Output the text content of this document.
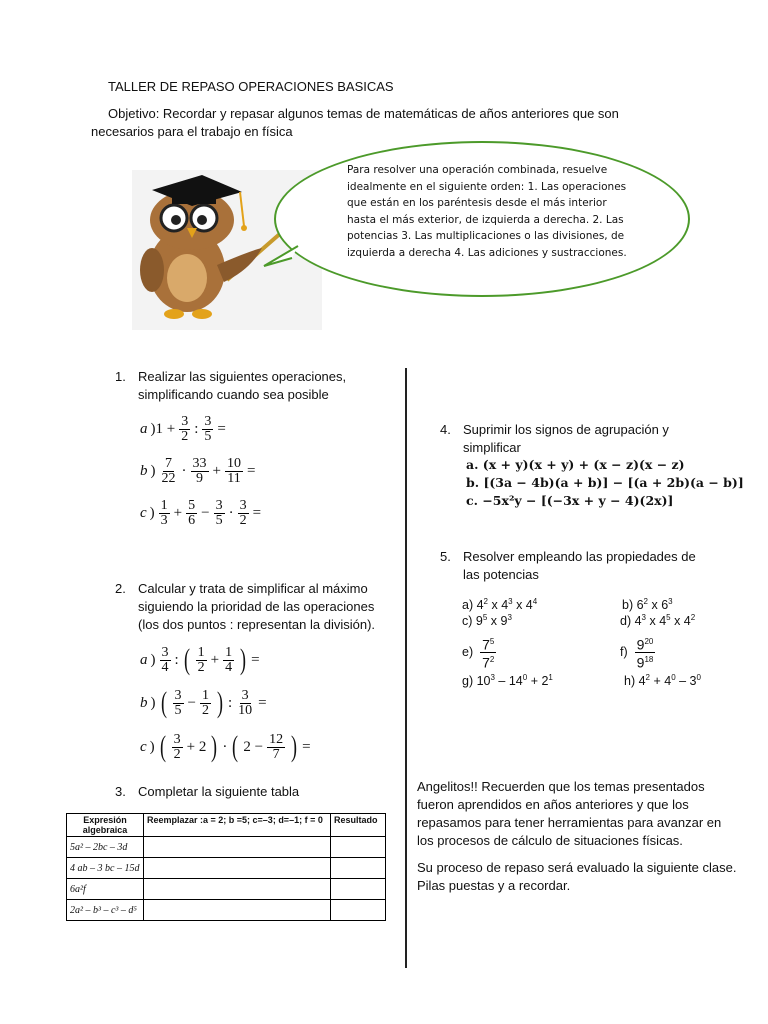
TALLER DE REPASO OPERACIONES BASICAS
Objetivo: Recordar y repasar algunos temas de matemáticas de años anteriores que son
necesarios para el trabajo en física
Para resolver una operación combinada, resuelve idealmente en el siguiente orden: 1. Las operaciones que están en los paréntesis desde el más interior hasta el más exterior, de izquierda a derecha. 2. Las potencias 3. Las multiplicaciones o las divisiones, de izquierda a derecha 4. Las adiciones y sustracciones.
1. Realizar las siguientes operaciones,
simplificando cuando sea posible
a )$1 + \frac{3}{2}$ : $\frac{3}{5}$ =
b ) $\frac{7}{22} \cdot \frac{33}{9} + \frac{10}{11}$ =
c ) $\frac{1}{3} + \frac{5}{6} - \frac{3}{5} \cdot \frac{3}{2}$ =
2. Calcular y trata de simplificar al máximo
siguiendo la prioridad de las operaciones
(los dos puntos : representan la división).
a ) $\frac{3}{4}$ : ( $\frac{1}{2} + \frac{1}{4}$ ) =
b ) ( $\frac{3}{5} - \frac{1}{2}$ ) : $\frac{3}{10}$ =
c ) ( $\frac{3}{2} + 2$ ) · ( $2 - \frac{12}{7}$ ) =
3. Completar la siguiente tabla
Expresión algebraica	Reemplazar :a = 2; b =5; c=–3; d=–1; f = 0	Resultado
5a² – 2bc – 3d		
4 ab – 3 bc – 15d		
6a²f		
2a² – b³ – c³ – d⁵		
4. Suprimir los signos de agrupación y
simplificar
a. (x + y)(x + y) + (x − z)(x − z)
b. [(3a − 4b)(a + b)] − [(a + 2b)(a − b)]
c. −5x²y − [(−3x + y − 4)(2x)]
5. Resolver empleando las propiedades de
las potencias
a) $4^2$ x $4^3$ x $4^4$	b) $6^2$ x $6^3$
c) $9^5$ x $9^3$	d) $4^3$ x $4^5$ x $4^2$
$e) \frac{7^5}{7^2}$	$f) \frac{9^{20}}{9^{18}}$
g) $10^3 - 14^0 + 2^1$	h) $4^2 + 4^0 - 3^0$
Angelitos!! Recuerden que los temas presentados fueron aprendidos en años anteriores y que los repasamos para tener herramientas para avanzar en los procesos de cálculo de situaciones físicas.
Su proceso de repaso será evaluado la siguiente clase. Pilas puestas y a recordar.
